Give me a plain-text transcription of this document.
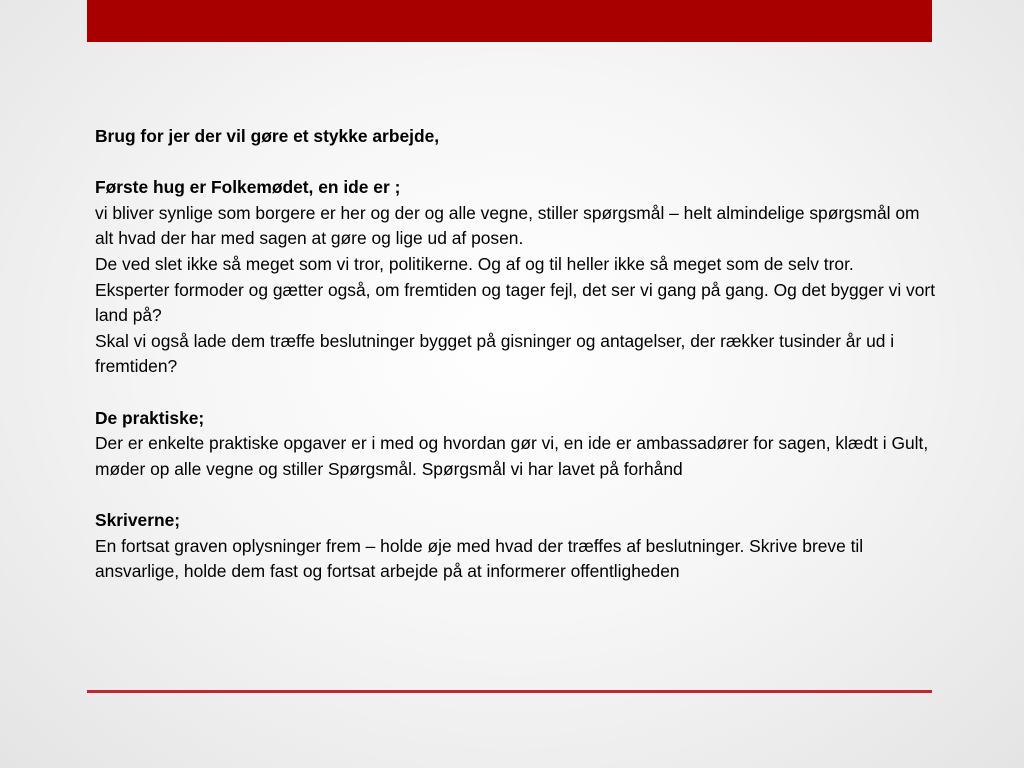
Brug for jer der vil gøre et stykke arbejde,

Første hug er Folkemødet, en ide er ;

vi bliver synlige som borgere er her og der og alle vegne, stiller spørgsmål – helt almindelige spørgsmål om alt hvad der har med sagen at gøre og lige ud af posen.

De ved slet ikke så meget som vi tror, politikerne. Og af og til heller ikke så meget som de selv tror.

Eksperter formoder og gætter også, om fremtiden og tager fejl, det ser vi gang på gang. Og det bygger vi vort land på?

Skal vi også lade dem træffe beslutninger bygget på gisninger og antagelser, der rækker tusinder år ud i fremtiden?

De praktiske;

Der er enkelte praktiske opgaver er i med og hvordan gør vi, en ide er ambassadører for sagen, klædt i Gult, møder op alle vegne og stiller Spørgsmål. Spørgsmål vi har lavet på forhånd

Skriverne;

En fortsat graven oplysninger frem – holde øje med hvad der træffes af beslutninger. Skrive breve til ansvarlige, holde dem fast og fortsat arbejde på at informerer offentligheden
